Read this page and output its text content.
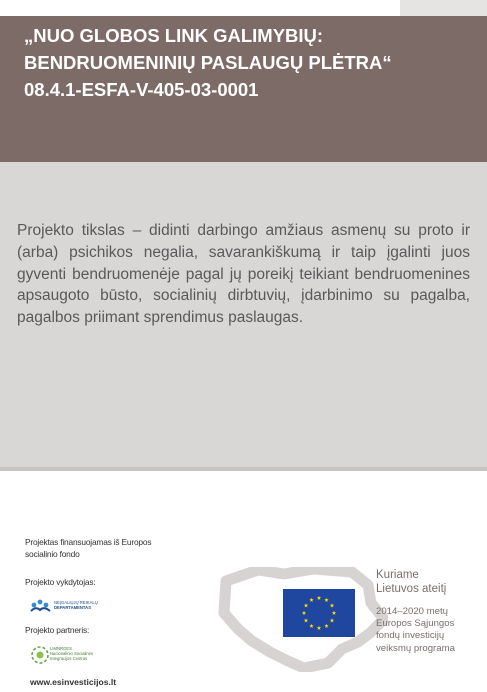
„NUO GLOBOS LINK GALIMYBIŲ:
BENDRUOMENINIŲ PASLAUGŲ PLĖTRA“
08.4.1-ESFA-V-405-03-0001

Projekto tikslas – didinti darbingo amžiaus asmenų su proto ir (arba) psichikos negalia, savarankiškumą ir taip įgalinti juos gyventi bendruomenėje pagal jų poreikį teikiant bendruomenines apsaugoto būsto, socialinių dirbtuvių, įdarbinimo su pagalba, pagalbos priimant sprendimus paslaugas.

Projektas finansuojamas iš Europos
socialinio fondo

Projekto vykdytojas:

NEĮGALIŲJŲ REIKALŲ
DEPARTAMENTAS

Projekto partneris:

LIMNRGES
Nacionalinio Socialinės
Integracijos Centras

www.esinvesticijos.lt

Kuriame
Lietuvos ateitį

2014–2020 metų
Europos Sąjungos
fondų investicijų
veiksmų programa
